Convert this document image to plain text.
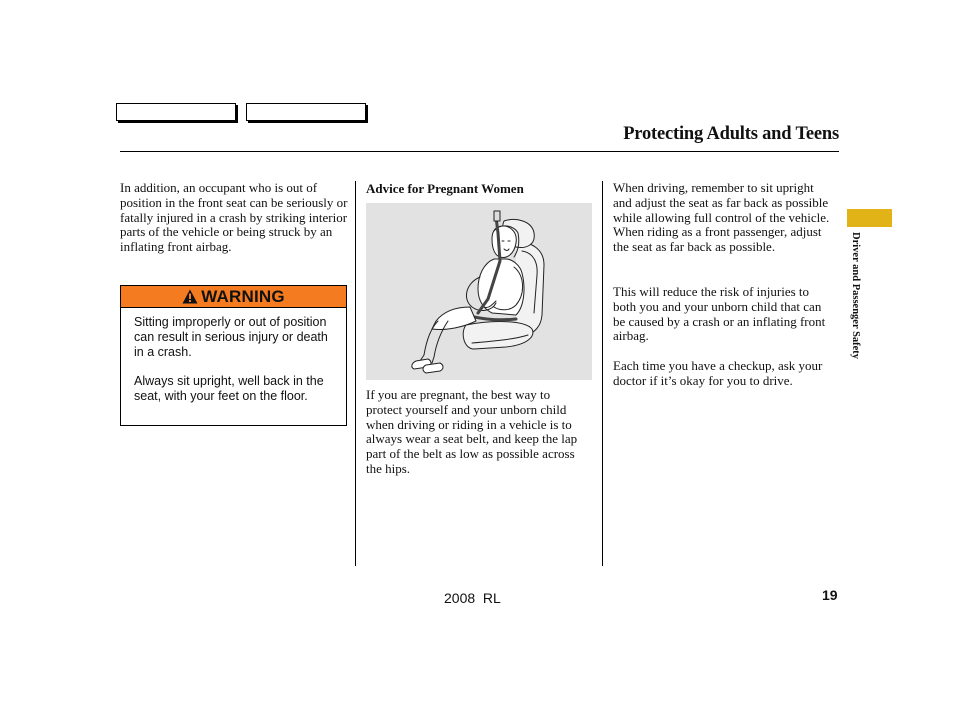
Protecting Adults and Teens

In addition, an occupant who is out of position in the front seat can be seriously or fatally injured in a crash by striking interior parts of the vehicle or being struck by an inflating front airbag.

WARNING

Sitting improperly or out of position can result in serious injury or death in a crash.

Always sit upright, well back in the seat, with your feet on the floor.

Advice for Pregnant Women

If you are pregnant, the best way to protect yourself and your unborn child when driving or riding in a vehicle is to always wear a seat belt, and keep the lap part of the belt as low as possible across the hips.

When driving, remember to sit upright and adjust the seat as far back as possible while allowing full control of the vehicle. When riding as a front passenger, adjust the seat as far back as possible.

This will reduce the risk of injuries to both you and your unborn child that can be caused by a crash or an inflating front airbag.

Each time you have a checkup, ask your doctor if it’s okay for you to drive.

Driver and Passenger Safety
2008  RL	19
